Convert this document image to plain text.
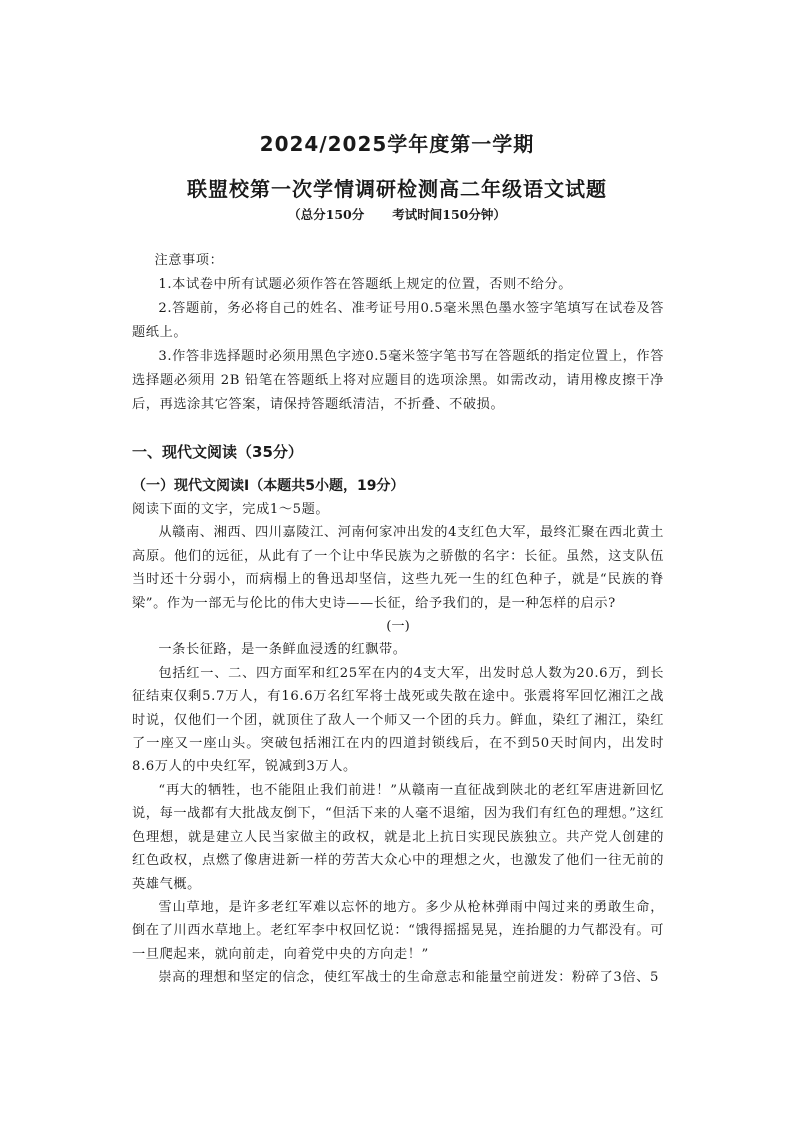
2024/2025学年度第一学期
联盟校第一次学情调研检测高二年级语文试题
（总分150分 考试时间150分钟）

注意事项：

1.本试卷中所有试题必须作答在答题纸上规定的位置，否则不给分。

2.答题前，务必将自己的姓名、准考证号用0.5毫米黑色墨水签字笔填写在试卷及答题纸上。

3.作答非选择题时必须用黑色字迹0.5毫米签字笔书写在答题纸的指定位置上，作答选择题必须用 2B 铅笔在答题纸上将对应题目的选项涂黑。如需改动，请用橡皮擦干净后，再选涂其它答案，请保持答题纸清洁，不折叠、不破损。

一、现代文阅读（35分）
（一）现代文阅读Ⅰ（本题共5小题，19分）

阅读下面的文字，完成1～5题。

从赣南、湘西、四川嘉陵江、河南何家冲出发的4支红色大军，最终汇聚在西北黄土高原。他们的远征，从此有了一个让中华民族为之骄傲的名字：长征。虽然，这支队伍当时还十分弱小，而病榻上的鲁迅却坚信，这些九死一生的红色种子，就是“民族的脊梁”。作为一部无与伦比的伟大史诗——长征，给予我们的，是一种怎样的启示?

(一)

一条长征路，是一条鲜血浸透的红飘带。

包括红一、二、四方面军和红25军在内的4支大军，出发时总人数为20.6万，到长征结束仅剩5.7万人，有16.6万名红军将士战死或失散在途中。张震将军回忆湘江之战时说，仅他们一个团，就顶住了敌人一个师又一个团的兵力。鲜血，染红了湘江，染红了一座又一座山头。突破包括湘江在内的四道封锁线后，在不到50天时间内，出发时8.6万人的中央红军，锐减到3万人。

“再大的牺牲，也不能阻止我们前进！”从赣南一直征战到陕北的老红军唐进新回忆说，每一战都有大批战友倒下，“但活下来的人毫不退缩，因为我们有红色的理想。”这红色理想，就是建立人民当家做主的政权，就是北上抗日实现民族独立。共产党人创建的红色政权，点燃了像唐进新一样的劳苦大众心中的理想之火，也激发了他们一往无前的英雄气概。

雪山草地，是许多老红军难以忘怀的地方。多少从枪林弹雨中闯过来的勇敢生命，倒在了川西水草地上。老红军李中权回忆说：“饿得摇摇晃晃，连抬腿的力气都没有。可一旦爬起来，就向前走，向着党中央的方向走！”

崇高的理想和坚定的信念，使红军战士的生命意志和能量空前迸发：粉碎了3倍、5
